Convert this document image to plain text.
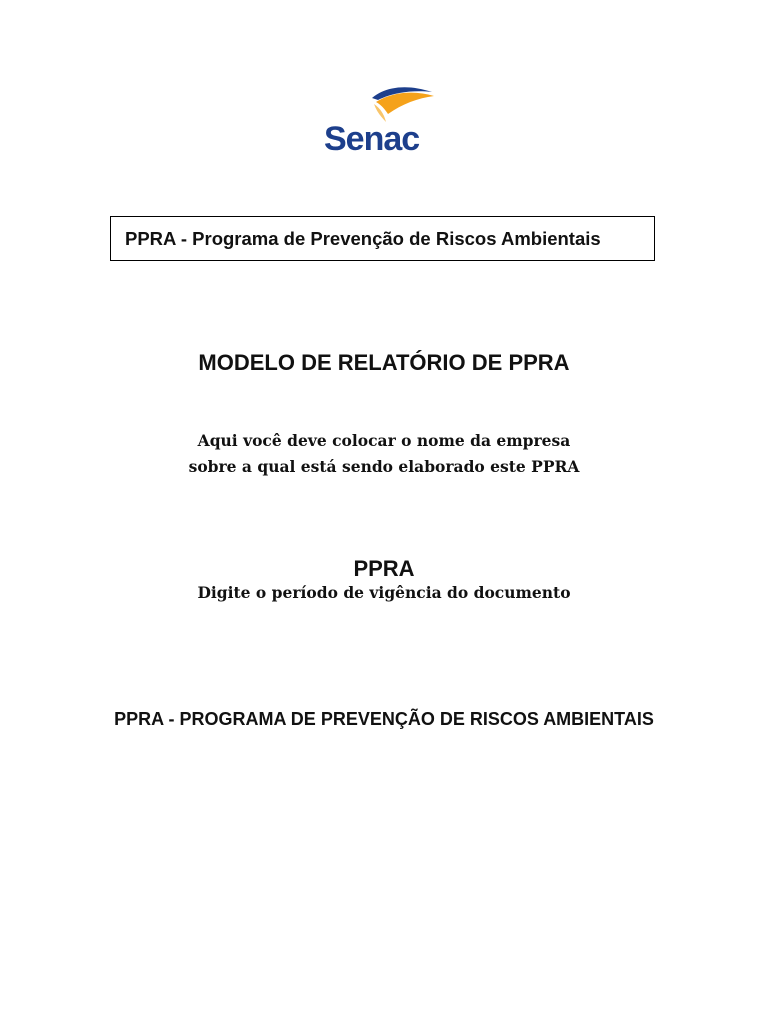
Senac
PPRA - Programa de Prevenção de Riscos Ambientais
MODELO DE RELATÓRIO DE PPRA
Aqui você deve colocar o nome da empresa
sobre a qual está sendo elaborado este PPRA
PPRA
Digite o período de vigência do documento
PPRA - PROGRAMA DE PREVENÇÃO DE RISCOS AMBIENTAIS
